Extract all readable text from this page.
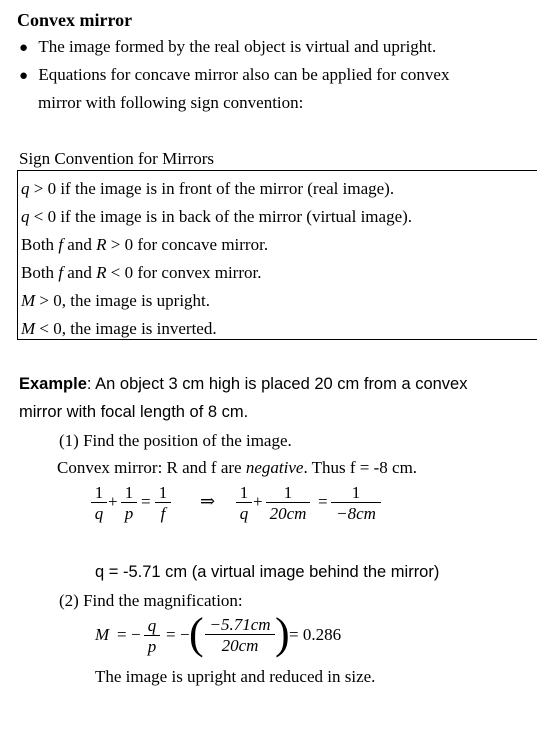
Convex mirror
● The image formed by the real object is virtual and upright.
● Equations for concave mirror also can be applied for convex
mirror with following sign convention:
Sign Convention for Mirrors
q > 0 if the image is in front of the mirror (real image).
q < 0 if the image is in back of the mirror (virtual image).
Both f and R > 0 for concave mirror.
Both f and R < 0 for convex mirror.
M > 0, the image is upright.
M < 0, the image is inverted.
Example: An object 3 cm high is placed 20 cm from a convex
mirror with focal length of 8 cm.
(1) Find the position of the image.
Convex mirror: R and f are negative. Thus f = -8 cm.
1
q
+ 1
p
= 1
f
⇒ 1
q
+	1
20cm
=	1
−8cm
q = -5.71 cm (a virtual image behind the mirror)
(2) Find the magnification:
M = − q
p
= − ( −5.71cm
20cm ) = 0.286
The image is upright and reduced in size.
